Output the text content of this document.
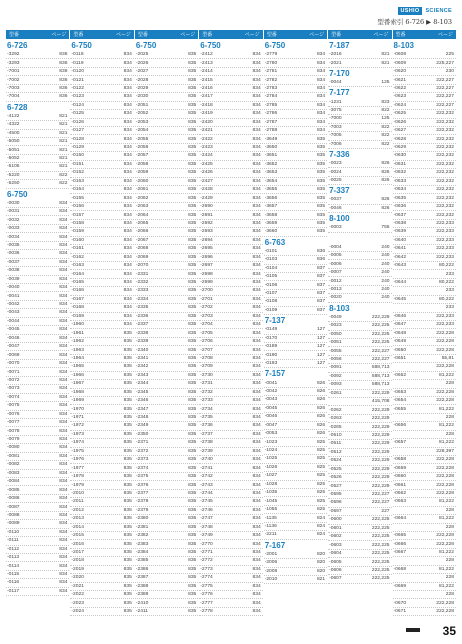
USHIO	SCIENCE
型番索引 6-726 ▶ 8-103
型番	ページ 型番	ページ 型番	ページ 型番	ページ 型番	ページ 型番	ページ 型番	ページ
6-726
-3292	836
-3293	836
-7001	836
-7002	836
-7003	836
-7004	836
6-728
-4122	821
-4322	821
-4500	821
-5050	821
-5051	821
-5052	821
-5105	821
-5220	822
-5250	822
6-750
-0030	834
-0031	834
-0032	834
-0033	834
-0034	834
-0035	834
-0036	834
-0037	834
-0038	834
-0039	834
-0040	834
-0041	834
-0042	834
-0043	834
-0044	834
-0045	834
-0046	834
-0047	834
-0069	834
-0070	834
-0071	834
-0072	834
-0073	834
-0074	834
-0075	834
-0076	834
-0077	834
-0078	834
-0079	834
-0080	834
-0081	834
-0082	834
-0083	834
-0084	834
-0085	834
-0086	834
-0087	834
-0088	834
-0089	834
-0110	834
-0111	834
-0112	834
-0113	834
-0114	834
-0115	834
-0116	834
-0117	834
6-750
-0118	834
-0119	834
-0120	834
-0121	834
-0122	834
-0123	834
-0124	834
-0125	834
-0126	834
-0127	834
-0128	834
-0129	834
-0150	834
-0151	834
-0152	834
-0153	834
-0154	834
-0155	834
-0156	834
-0157	834
-0158	834
-0159	834
-0160	834
-0161	834
-0162	834
-0163	834
-0164	834
-0165	834
-0166	834
-0167	834
-0168	834
-0169	834
-1960	834
-1961	835
-1962	835
-1963	835
-1964	835
-1965	835
-1966	835
-1967	835
-1968	835
-1969	835
-1970	835
-1971	835
-1972	835
-1973	835
-1974	835
-1975	835
-1976	835
-1977	835
-1978	835
-1979	835
-2010	835
-2011	835
-2012	835
-2013	835
-2014	835
-2015	835
-2016	835
-2017	835
-2018	835
-2019	835
-2020	835
-2021	835
-2022	835
-2023	835
-2024	835
6-750
-2025	835
-2026	835
-2027	835
-2028	835
-2029	835
-2030	835
-2051	835
-2052	835
-2053	835
-2054	835
-2055	835
-2056	835
-2057	835
-2058	835
-2059	835
-2060	835
-2061	835
-2062	835
-2063	835
-2064	835
-2065	835
-2066	835
-2067	835
-2068	835
-2069	835
-2070	835
-2331	835
-2332	835
-2333	835
-2334	835
-2335	835
-2336	835
-2337	835
-2338	835
-2339	835
-2340	835
-2341	835
-2342	835
-2343	835
-2344	835
-2345	835
-2346	835
-2347	835
-2348	835
-2349	835
-2350	835
-2371	835
-2372	835
-2373	835
-2374	835
-2375	835
-2376	835
-2377	835
-2378	835
-2379	835
-2380	835
-2381	835
-2382	835
-2383	835
-2384	835
-2385	835
-2386	835
-2387	835
-2388	835
-2389	835
-2410	835
-2411	835
6-750
-2412	834
-2413	834
-2414	834
-2415	834
-2416	834
-2417	834
-2418	834
-2419	834
-2420	834
-2421	834
-2422	834
-2423	834
-2424	834
-2425	834
-2426	834
-2427	834
-2428	834
-2429	834
-2690	834
-2691	834
-2692	834
-2693	834
-2694	834
-2695	834
-2696	834
-2697	834
-2698	834
-2699	834
-2700	834
-2701	834
-2702	834
-2703	834
-2704	834
-2705	834
-2706	834
-2707	834
-2708	834
-2709	834
-2730	834
-2731	834
-2732	834
-2733	834
-2734	834
-2735	834
-2736	834
-2737	834
-2738	834
-2739	834
-2740	834
-2741	834
-2742	834
-2743	834
-2744	834
-2745	834
-2746	834
-2747	834
-2748	834
-2749	834
-2770	834
-2771	834
-2772	834
-2773	834
-2774	834
-2775	834
-2776	834
-2777	834
-2778	834
6-750
-2779	834
-2780	834
-2781	834
-2782	834
-2783	834
-2784	834
-2785	834
-2786	834
-2787	834
-2788	834
-3649	835
-3650	835
-3651	835
-3652	835
-3653	835
-3654	835
-3655	835
-3656	835
-3657	835
-3658	835
-3659	835
-3660	835
6-763
-0101	836
-0103	836
-0104	837
-0105	837
-0106	837
-0107	837
-0108	837
-0109	837
7-137
-0149	127
-0170	127
-0189	127
-0190	127
-0193	127
7-157
-0041	826
-0042	826
-0043	826
-0045	826
-0046	826
-0047	826
-0053	826
-1023	825
-1024	825
-1025	825
-1026	825
-1027	825
-1028	825
-1035	825
-1045	825
-1055	825
-1135	824
-1136	824
-2211	824
7-167
-2001	820
-2006	820
-2008	820
-2010	821
7-187
-2016	821
-2021	821
7-170
-0044	125
7-177
-1231	823
-3075	822
-7000	125
-7003	822
-7005	822
-7006	822
7-336
-0023	826
-0024	826
-0025	826
7-337
-0037	826
-0046	826
8-100
-0003	755
-0004	240
-0005	240
-0006	240
-0007	240
-0012	240
-0013	240
-0020	240
8-103
-0049	222,229
-0023	222,225
-0050	222,225
-0051	222,225
-0055	222,227
-0056	222,227
-0091	588,713
-0092	588,713
-0093	588,713
-0261	222,229
415,708
-0262	222,229
-0263	222,229
-0265	222,229
-0510	222,229
-0511	222,229
-0512	222,229
-0524	222,229
-0525	222,229
-0526	222,229
-0527	222,229
-0595	222,227
-0596	222,227
-0597	227
-0600	222,225
-0601	222,225
-0602	222,225
-0603	222,225
-0604	222,225
-0605	222,225
-0606	222,225
-0607	222,225
8-103
-0608	225
-0609	225,227
-0620	230
-0621	222,227
-0622	222,227
-0623	222,227
-0624	222,227
-0625	222,232
-0626	222,232
-0627	222,232
-0628	222,232
-0629	222,232
-0630	222,232
-0631	222,232
-0632	222,232
-0633	222,232
-0634	222,232
-0635	222,232
-0636	222,232
-0637	222,232
-0638	222,233
-0639	222,233
-0640	222,233
-0641	222,233
-0642	222,233
-0643	80,222
233
-0644	80,222
233
-0645	80,222
233
-0646	222,233
-0647	222,233
-0648	222,228
-0649	222,228
-0650	222,228
-0651	55,81
222,228
-0652	81,222
228
-0653	222,228
-0654	222,228
-0655	81,222
228
-0656	81,222
228
-0657	81,222
228,397
-0658	222,228
-0659	222,228
-0660	222,228
-0661	222,228
-0662	222,228
-0663	81,222
228
-0664	81,222
228
-0665	222,228
-0666	222,228
-0667	81,222
228
-0668	81,222
228
-0669	81,222
228
-0670	222,228
-0671	222,228
35
